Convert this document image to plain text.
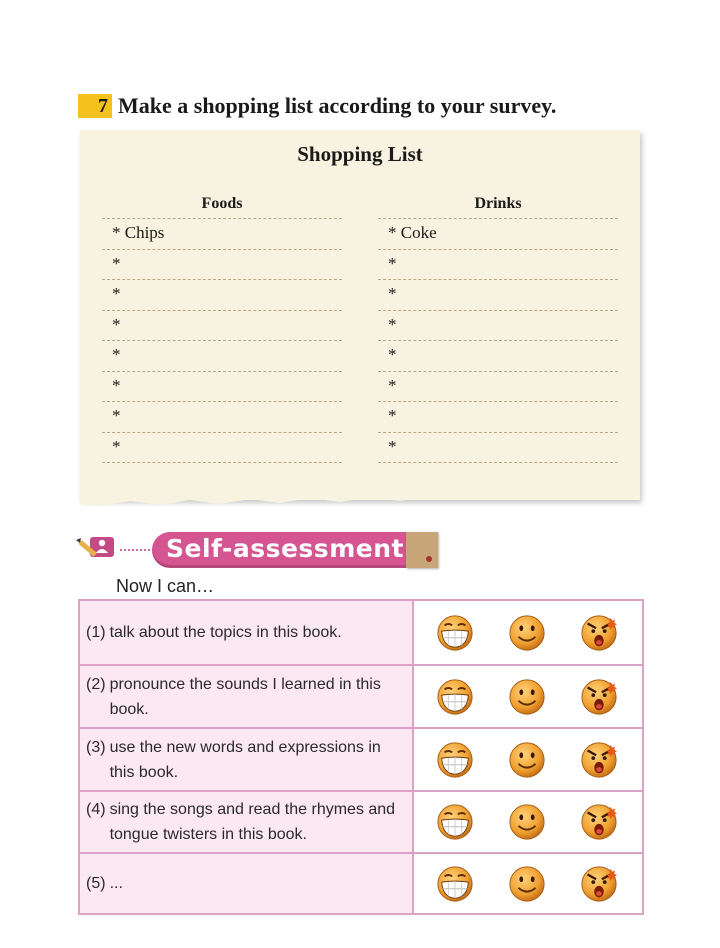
7 Make a shopping list according to your survey.
Shopping List
Foods
* Chips
*
*
*
*
*
*
*
Drinks
* Coke
*
*
*
*
*
*
*
Self-assessment
Now I can…
(1) talk about the topics in this book.
(2) pronounce the sounds I learned in this book.
(3) use the new words and expressions in this book.
(4) sing the songs and read the rhymes and tongue twisters in this book.
(5) ...
